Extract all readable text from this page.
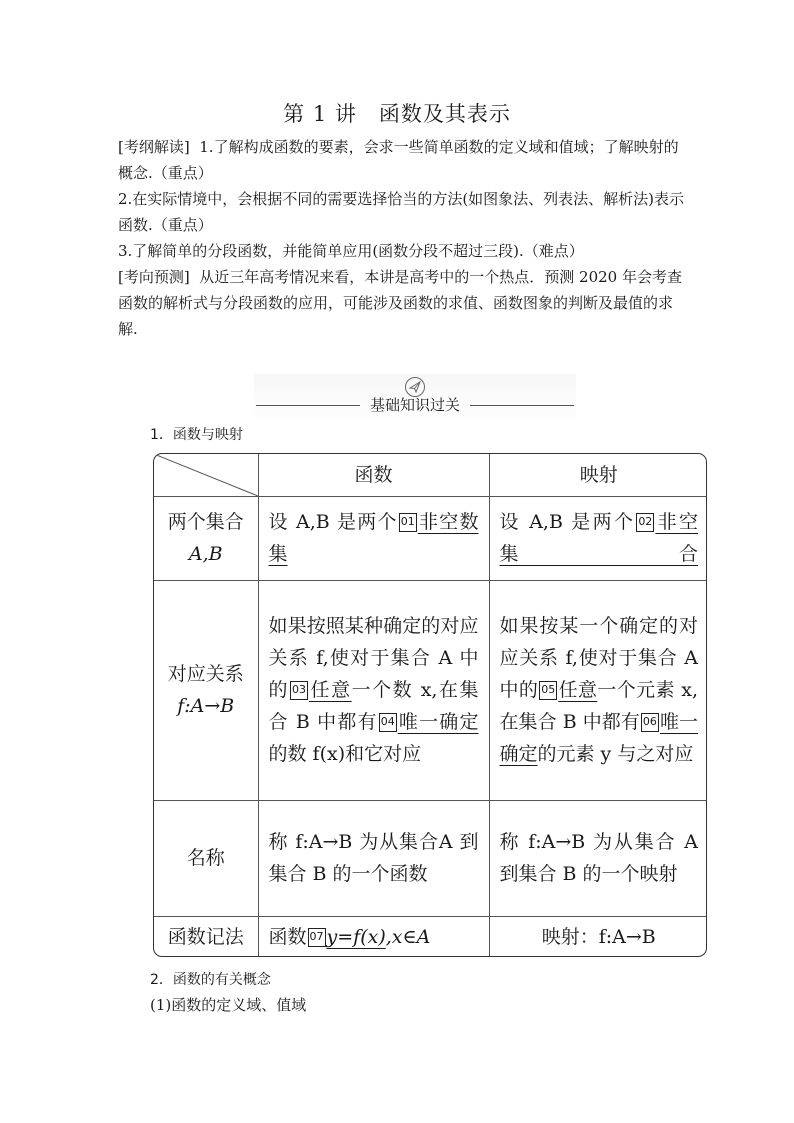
第 1 讲 函数及其表示
[考纲解读] 1.了解构成函数的要素，会求一些简单函数的定义域和值域；了解映射的概念.（重点）
2.在实际情境中，会根据不同的需要选择恰当的方法(如图象法、列表法、解析法)表示函数.（重点）
3.了解简单的分段函数，并能简单应用(函数分段不超过三段).（难点）
[考向预测] 从近三年高考情况来看，本讲是高考中的一个热点．预测 2020 年会考查函数的解析式与分段函数的应用，可能涉及函数的求值、函数图象的判断及最值的求解.
基础知识过关
1．函数与映射
	函数	映射

两个集合
A,B	设 A,B 是两个 01 非空数集	设 A,B 是两个 02 非空集合

对应关系
f:A→B	如果按照某种确定的对应关系 f,使对于集合 A 中的 03 任意一个数 x,在集合 B 中都有 04 唯一确定的数 f(x)和它对应	如果按某一个确定的对应关系 f,使对于集合 A 中的 05 任意一个元素 x,在集合 B 中都有 06 唯一确定的元素 y 与之对应
名称	称 f:A→B 为从集合A 到集合 B 的一个函数	称 f:A→B 为从集合 A 到集合 B 的一个映射
函数记法	函数 07 y=f(x),x∈A	映射：f:A→B
2．函数的有关概念
(1)函数的定义域、值域
